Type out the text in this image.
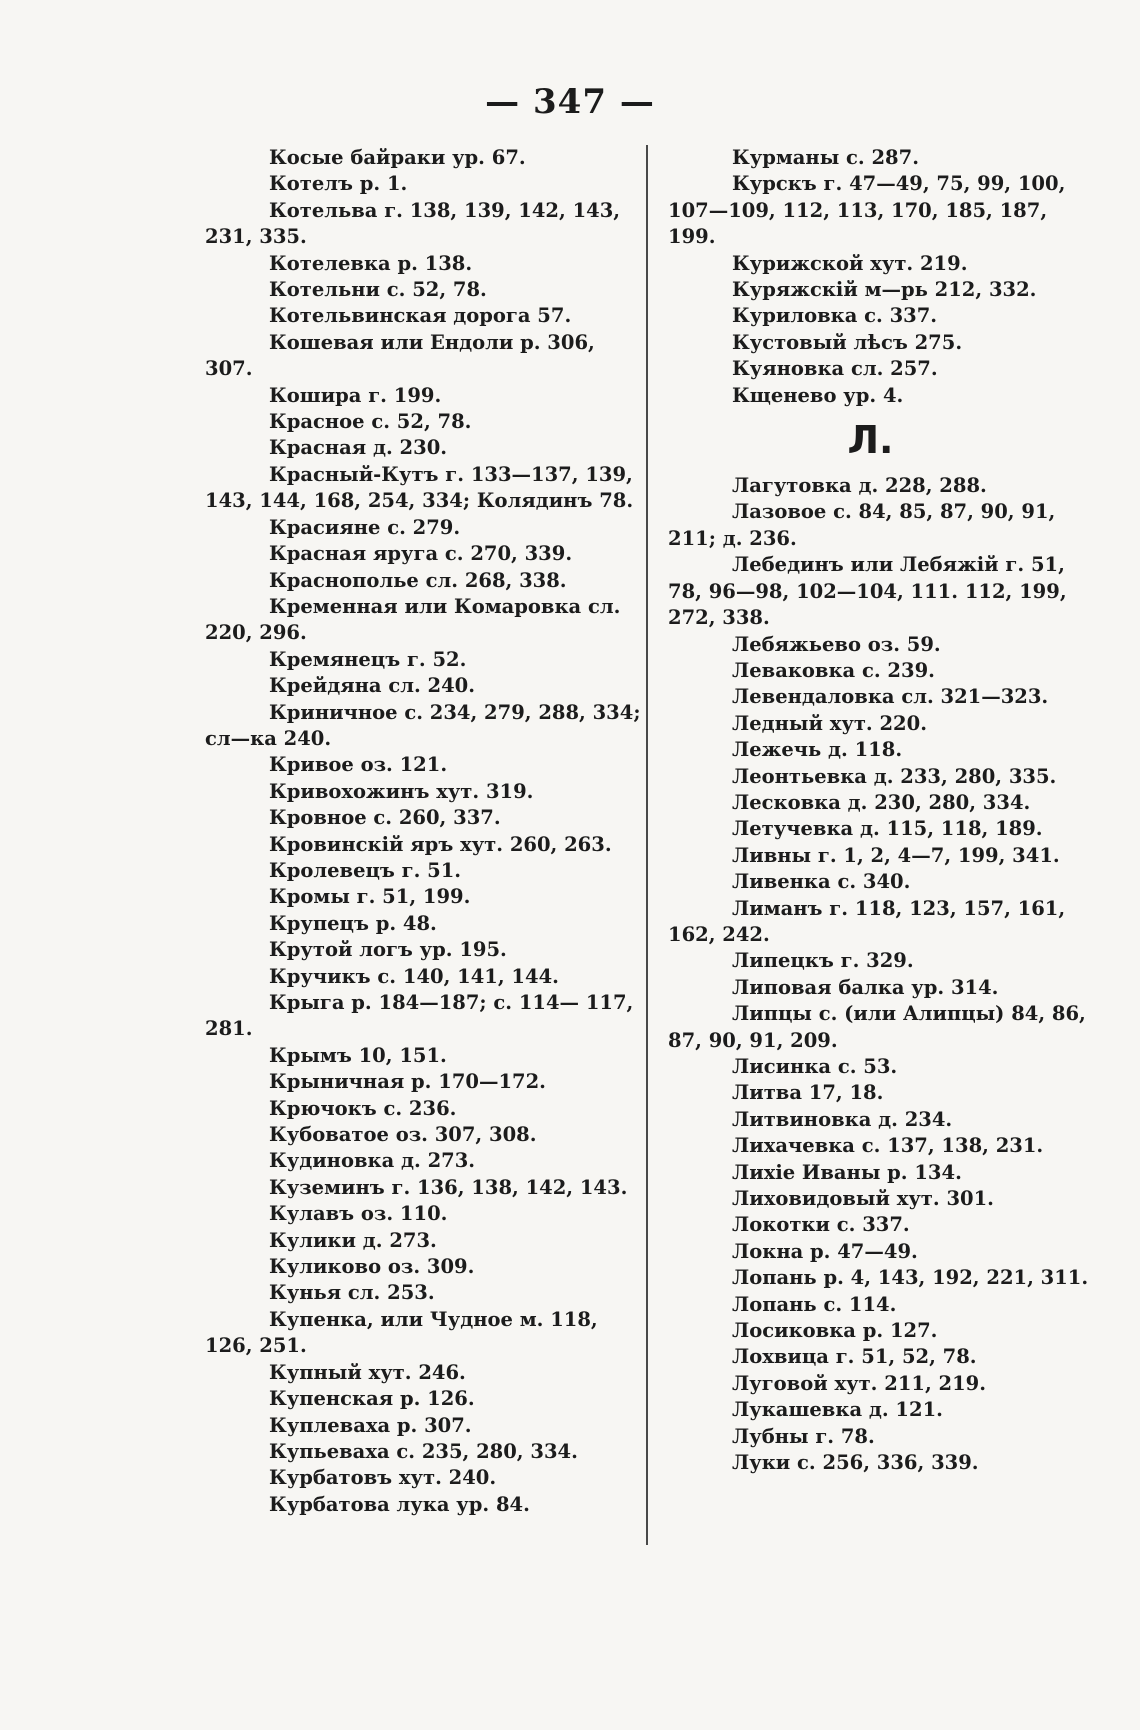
— 347 —

Косые байраки ур. 67.

Котелъ р. 1.

Котельва г. 138, 139, 142, 143, 231, 335.

Котелевка р. 138.

Котельни с. 52, 78.

Котельвинская дорога 57.

Кошевая или Ендоли р. 306, 307.

Кошира г. 199.

Красное с. 52, 78.

Красная д. 230.

Красный-Кутъ г. 133—137, 139, 143, 144, 168, 254, 334; Колядинъ 78.

Красияне с. 279.

Красная яруга с. 270, 339.

Краснополье сл. 268, 338.

Кременная или Комаровка сл. 220, 296.

Кремянецъ г. 52.

Крейдяна сл. 240.

Криничное с. 234, 279, 288, 334; сл—ка 240.

Кривое оз. 121.

Кривохожинъ хут. 319.

Кровное с. 260, 337.

Кровинскій яръ хут. 260, 263.

Кролевецъ г. 51.

Кромы г. 51, 199.

Крупецъ р. 48.

Крутой логъ ур. 195.

Кручикъ с. 140, 141, 144.

Крыга р. 184—187; с. 114— 117, 281.

Крымъ 10, 151.

Крыничная р. 170—172.

Крючокъ с. 236.

Кубоватое оз. 307, 308.

Кудиновка д. 273.

Куземинъ г. 136, 138, 142, 143.

Кулавъ оз. 110.

Кулики д. 273.

Куликово оз. 309.

Кунья сл. 253.

Купенка, или Чудное м. 118, 126, 251.

Купный хут. 246.

Купенская р. 126.

Куплеваха р. 307.

Купьеваха с. 235, 280, 334.

Курбатовъ хут. 240.

Курбатова лука ур. 84.

Курманы с. 287.

Курскъ г. 47—49, 75, 99, 100, 107—109, 112, 113, 170, 185, 187, 199.

Курижской хут. 219.

Куряжскій м—рь 212, 332.

Куриловка с. 337.

Кустовый лѣсъ 275.

Куяновка сл. 257.

Кщенево ур. 4.

Л.

Лагутовка д. 228, 288.

Лазовое с. 84, 85, 87, 90, 91, 211; д. 236.

Лебединъ или Лебяжій г. 51, 78, 96—98, 102—104, 111. 112, 199, 272, 338.

Лебяжьево оз. 59.

Леваковка с. 239.

Левендаловка сл. 321—323.

Ледный хут. 220.

Лежечь д. 118.

Леонтьевка д. 233, 280, 335.

Лесковка д. 230, 280, 334.

Летучевка д. 115, 118, 189.

Ливны г. 1, 2, 4—7, 199, 341.

Ливенка с. 340.

Лиманъ г. 118, 123, 157, 161, 162, 242.

Липецкъ г. 329.

Липовая балка ур. 314.

Липцы с. (или Алипцы) 84, 86, 87, 90, 91, 209.

Лисинка с. 53.

Литва 17, 18.

Литвиновка д. 234.

Лихачевка с. 137, 138, 231.

Лихіе Иваны р. 134.

Лиховидовый хут. 301.

Локотки с. 337.

Локна р. 47—49.

Лопань р. 4, 143, 192, 221, 311.

Лопань с. 114.

Лосиковка р. 127.

Лохвица г. 51, 52, 78.

Луговой хут. 211, 219.

Лукашевка д. 121.

Лубны г. 78.

Луки с. 256, 336, 339.
